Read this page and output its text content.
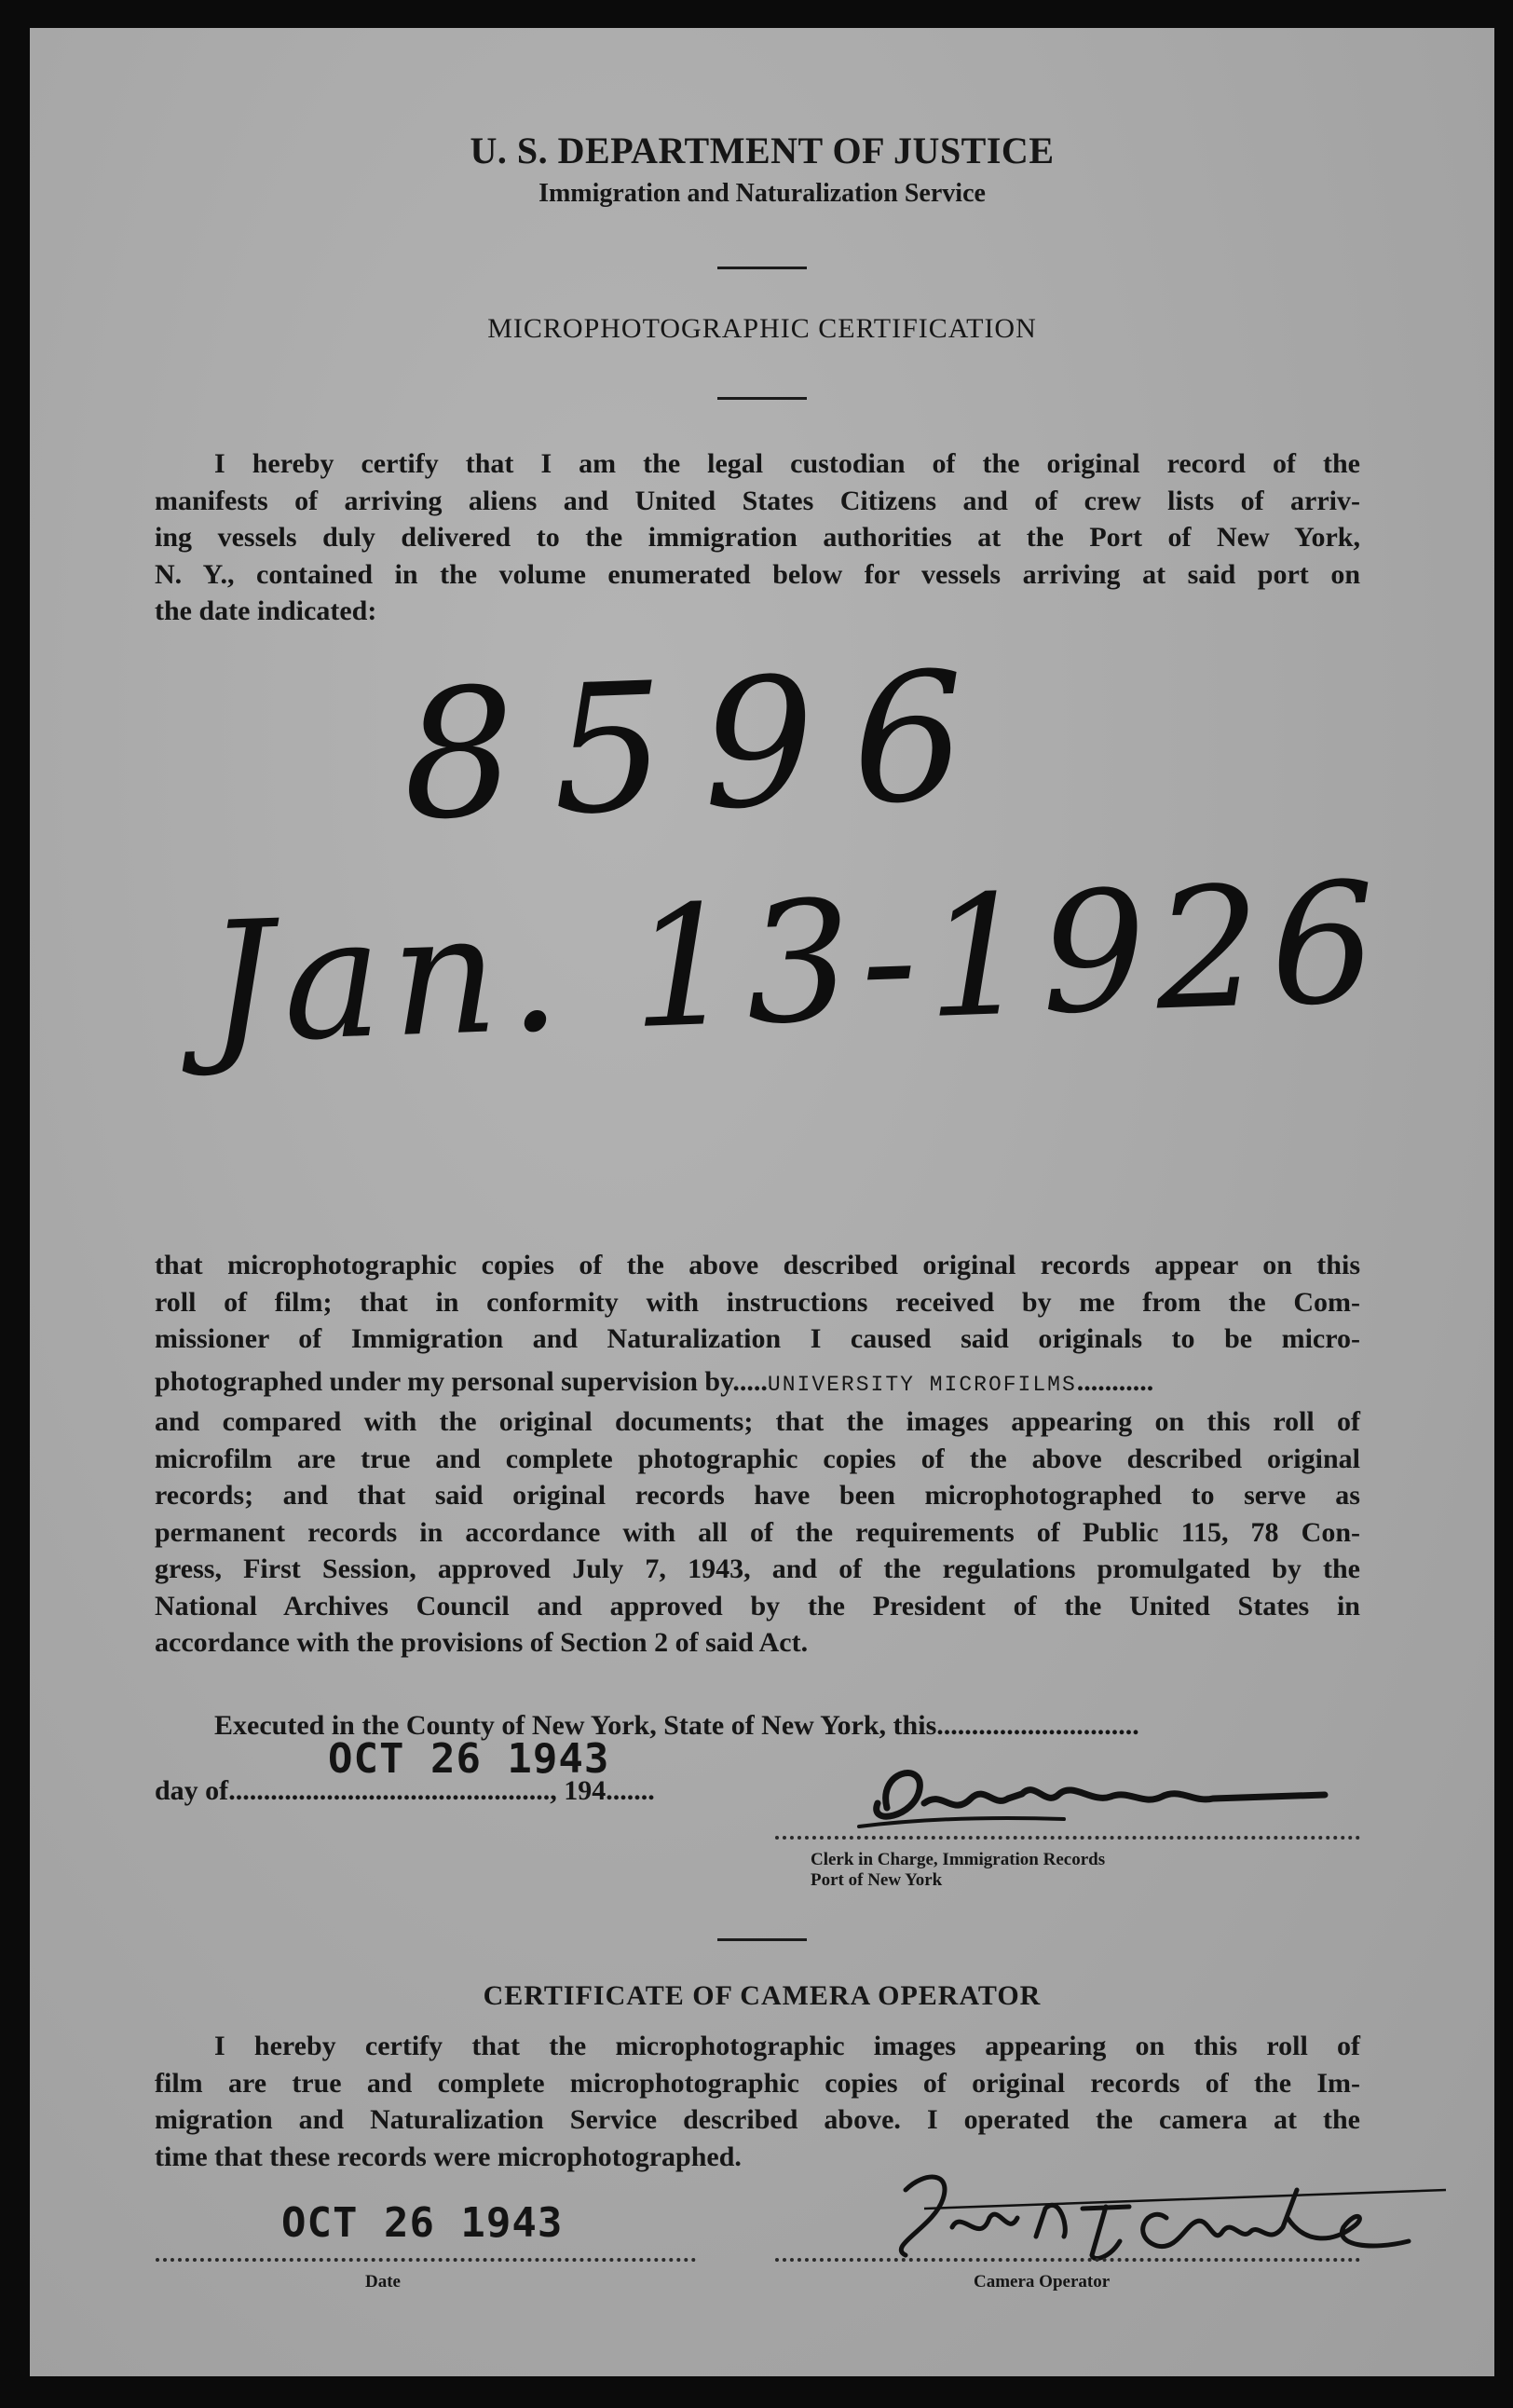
U. S. DEPARTMENT OF JUSTICE
Immigration and Naturalization Service
MICROPHOTOGRAPHIC CERTIFICATION
I hereby certify that I am the legal custodian of the original record of the
manifests of arriving aliens and United States Citizens and of crew lists of arriv-
ing vessels duly delivered to the immigration authorities at the Port of New York,
N. Y., contained in the volume enumerated below for vessels arriving at said port on
the date indicated:
8596
Jan. 13-1926
that microphotographic copies of the above described original records appear on this
roll of film; that in conformity with instructions received by me from the Com-
missioner of Immigration and Naturalization I caused said originals to be micro-
photographed under my personal supervision by.....UNIVERSITY MICROFILMS...........
and compared with the original documents; that the images appearing on this roll of
microfilm are true and complete photographic copies of the above described original
records; and that said original records have been microphotographed to serve as
permanent records in accordance with all of the requirements of Public 115, 78 Con-
gress, First Session, approved July 7, 1943, and of the regulations promulgated by the
National Archives Council and approved by the President of the United States in
accordance with the provisions of Section 2 of said Act.
Executed in the County of New York, State of New York, this.............................
day of.............................................., 194.......
OCT 26 1943
Clerk in Charge, Immigration Records
Port of New York
CERTIFICATE OF CAMERA OPERATOR
I hereby certify that the microphotographic images appearing on this roll of
film are true and complete microphotographic copies of original records of the Im-
migration and Naturalization Service described above. I operated the camera at the
time that these records were microphotographed.
OCT 26 1943
Date	Camera Operator
